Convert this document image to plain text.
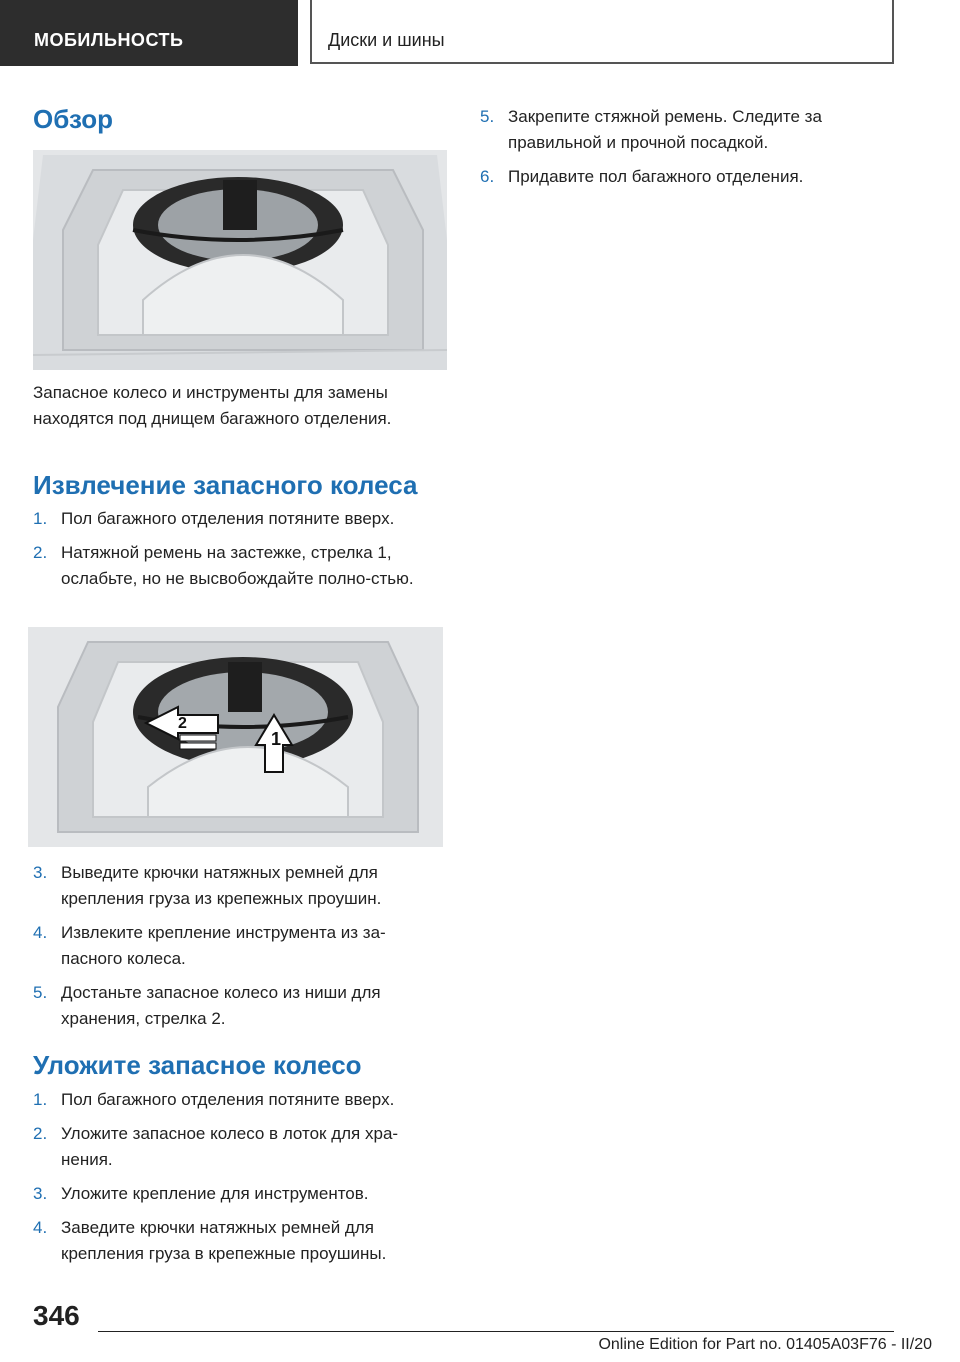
МОБИЛЬНОСТЬ	Диски и шины
Обзор

Запасное колесо и инструменты для замены находятся под днищем багажного отделения.

Извлечение запасного колеса
1. Пол багажного отделения потяните вверх.
2. Натяжной ремень на застежке, стрелка 1, ослабьте, но не высвобождайте полно-стью.
1
2
3. Выведите крючки натяжных ремней для крепления груза из крепежных проушин.
4. Извлеките крепление инструмента из за-пасного колеса.
5. Достаньте запасное колесо из ниши для хранения, стрелка 2.
Уложите запасное колесо
1. Пол багажного отделения потяните вверх.
2. Уложите запасное колесо в лоток для хра-нения.
3. Уложите крепление для инструментов.
4. Заведите крючки натяжных ремней для крепления груза в крепежные проушины.
5. Закрепите стяжной ремень. Следите за правильной и прочной посадкой.
6. Придавите пол багажного отделения.
346
Online Edition for Part no. 01405A03F76 - II/20
